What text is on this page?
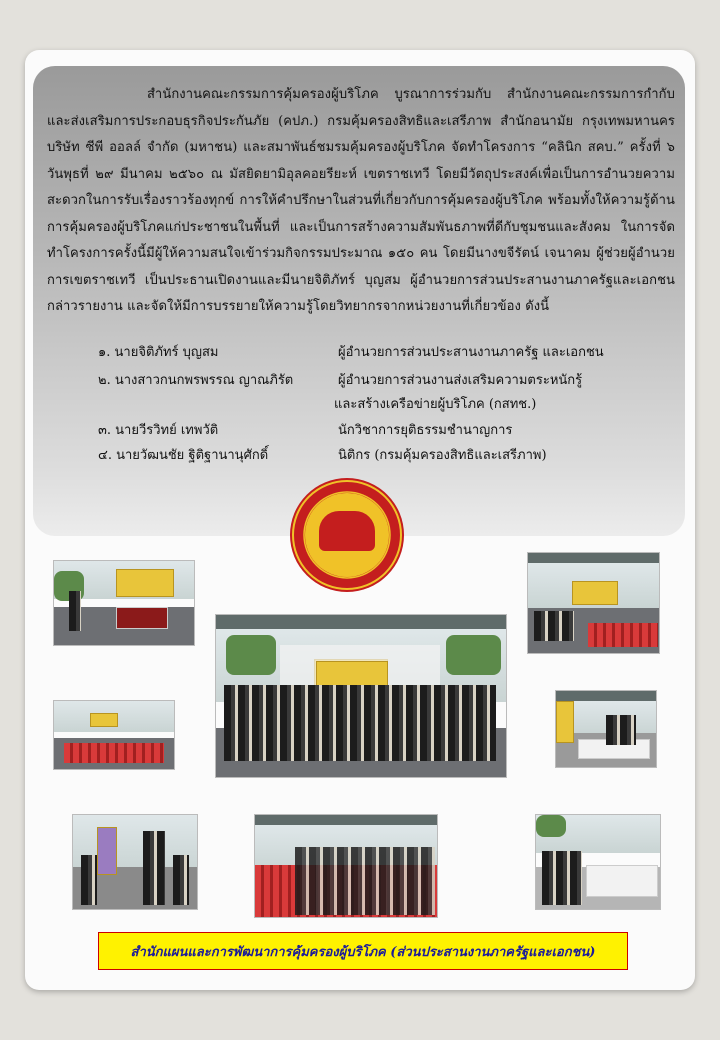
สำนักงานคณะกรรมการคุ้มครองผู้บริโภค บูรณาการร่วมกับ สำนักงานคณะกรรมการกำกับและส่งเสริมการประกอบธุรกิจประกันภัย (คปภ.) กรมคุ้มครองสิทธิและเสรีภาพ สำนักอนามัย กรุงเทพมหานคร บริษัท ซีพี ออลล์ จำกัด (มหาชน) และสมาพันธ์ชมรมคุ้มครองผู้บริโภค จัดทำโครงการ “คลินิก สคบ.” ครั้งที่ ๖ วันพุธที่ ๒๙ มีนาคม ๒๕๖๐ ณ มัสยิดยามิอุลคอยรียะห์ เขตราชเทวี โดยมีวัตถุประสงค์เพื่อเป็นการอำนวยความสะดวกในการรับเรื่องราวร้องทุกข์ การให้คำปรึกษาในส่วนที่เกี่ยวกับการคุ้มครองผู้บริโภค พร้อมทั้งให้ความรู้ด้านการคุ้มครองผู้บริโภคแก่ประชาชนในพื้นที่ และเป็นการสร้างความสัมพันธภาพที่ดีกับชุมชนและสังคม ในการจัดทำโครงการครั้งนี้มีผู้ให้ความสนใจเข้าร่วมกิจกรรมประมาณ ๑๕๐ คน โดยมีนางขจีรัตน์ เจนาคม ผู้ช่วยผู้อำนวยการเขตราชเทวี เป็นประธานเปิดงานและมีนายจิติภัทร์ บุญสม ผู้อำนวยการส่วนประสานงานภาครัฐและเอกชน กล่าวรายงาน และจัดให้มีการบรรยายให้ความรู้โดยวิทยากรจากหน่วยงานที่เกี่ยวข้อง ดังนี้

๑. นายจิติภัทร์ บุญสม	ผู้อำนวยการส่วนประสานงานภาครัฐ และเอกชน
๒. นางสาวกนกพรพรรณ ญาณภิรัต	ผู้อำนวยการส่วนงานส่งเสริมความตระหนักรู้
และสร้างเครือข่ายผู้บริโภค (กสทช.)
๓. นายวีรวิทย์ เทพวัติ	นักวิชาการยุติธรรมชำนาญการ
๔. นายวัฒนชัย ฐิติฐานานุศักดิ์	นิติกร (กรมคุ้มครองสิทธิและเสรีภาพ)
สำนักแผนและการพัฒนาการคุ้มครองผู้บริโภค (ส่วนประสานงานภาครัฐและเอกชน)
